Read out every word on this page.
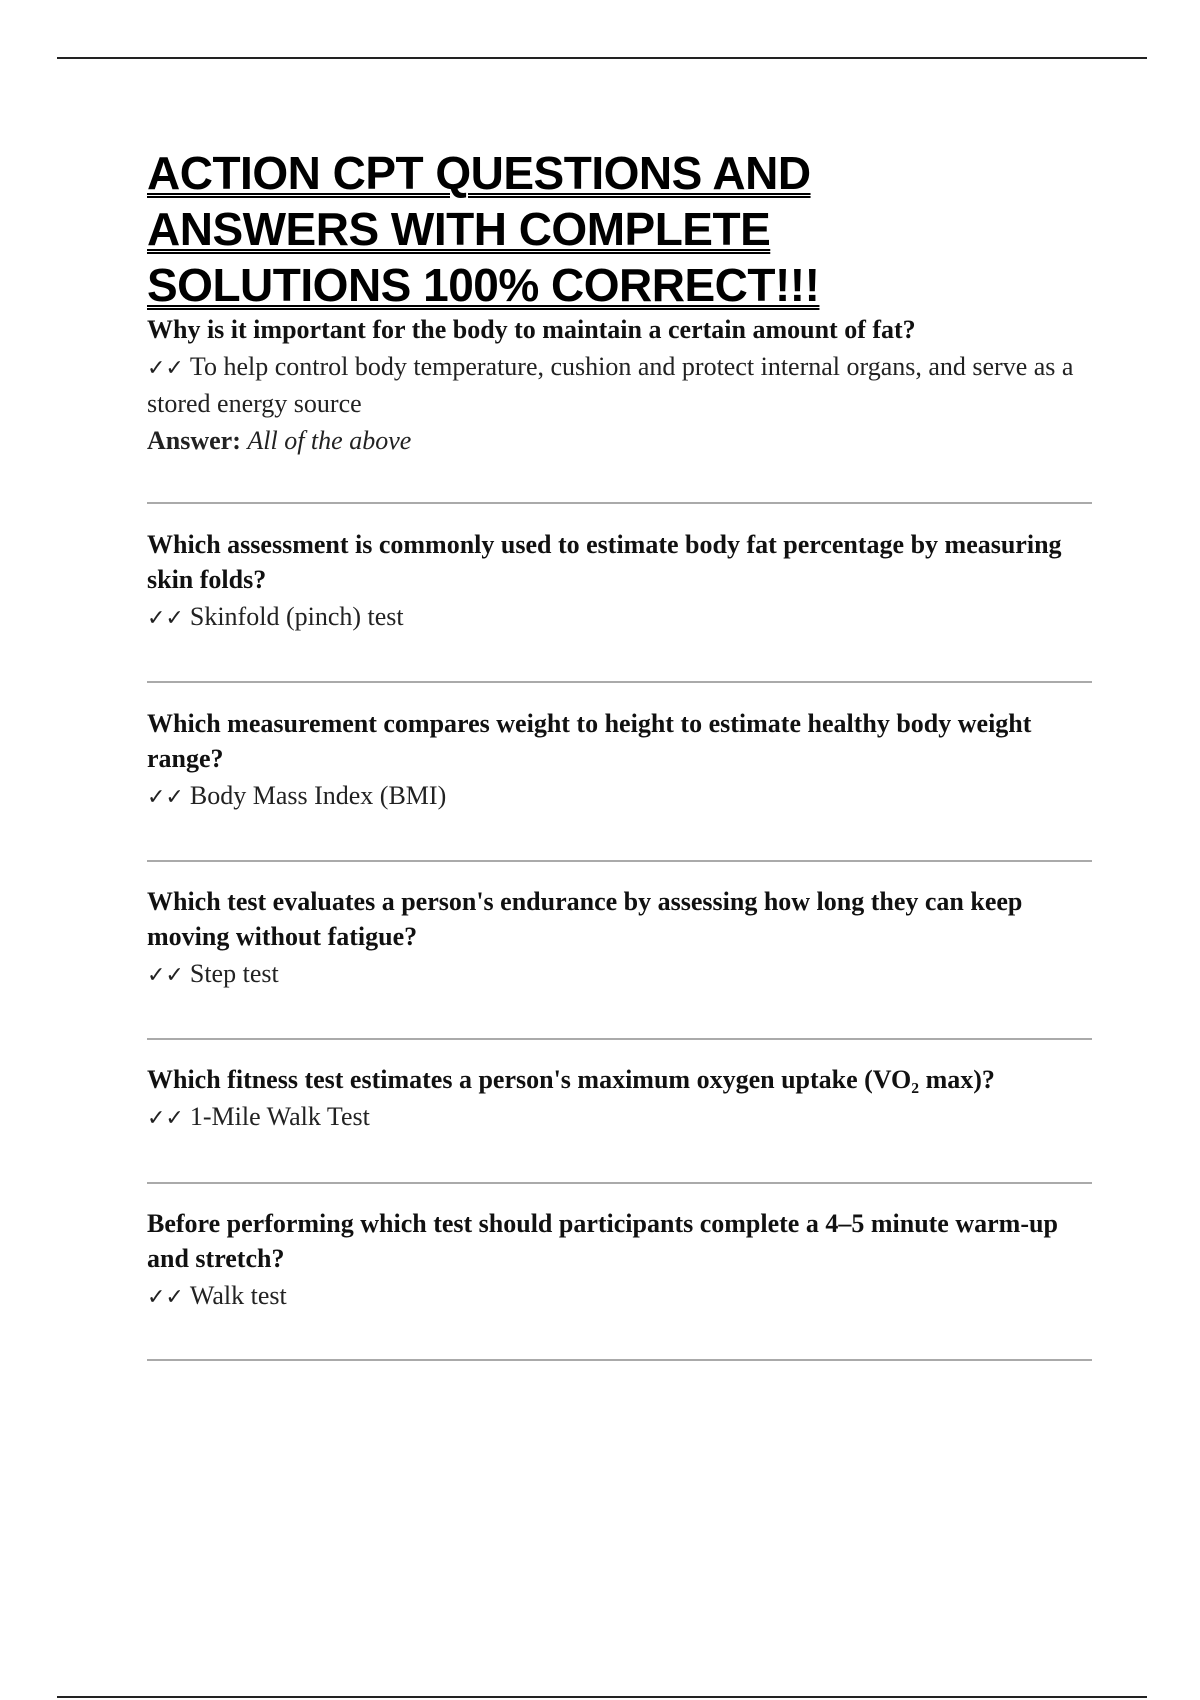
ACTION CPT QUESTIONS AND
ANSWERS WITH COMPLETE
SOLUTIONS 100% CORRECT!!!

Why is it important for the body to maintain a certain amount of fat?

✓✓ To help control body temperature, cushion and protect internal organs, and serve as a stored energy source

Answer: All of the above

Which assessment is commonly used to estimate body fat percentage by measuring skin folds?

✓✓ Skinfold (pinch) test

Which measurement compares weight to height to estimate healthy body weight range?

✓✓ Body Mass Index (BMI)

Which test evaluates a person's endurance by assessing how long they can keep moving without fatigue?

✓✓ Step test

Which fitness test estimates a person's maximum oxygen uptake (VO₂ max)?

✓✓ 1-Mile Walk Test

Before performing which test should participants complete a 4–5 minute warm-up and stretch?

✓✓ Walk test
